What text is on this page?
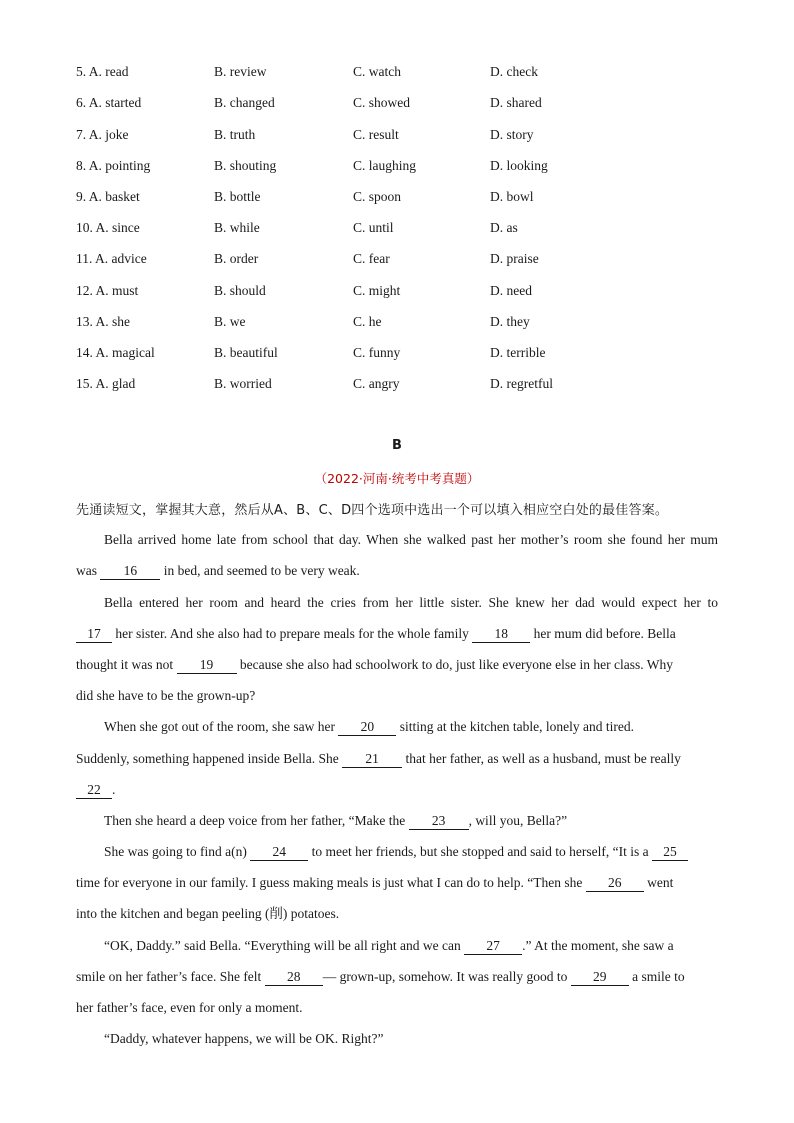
5. A. read	B. review	C. watch	D. check
6. A. started	B. changed	C. showed	D. shared
7. A. joke	B. truth	C. result	D. story
8. A. pointing	B. shouting	C. laughing	D. looking
9. A. basket	B. bottle	C. spoon	D. bowl
10. A. since	B. while	C. until	D. as
11. A. advice	B. order	C. fear	D. praise
12. A. must	B. should	C. might	D. need
13. A. she	B. we	C. he	D. they
14. A. magical	B. beautiful	C. funny	D. terrible
15. A. glad	B. worried	C. angry	D. regretful
B
（2022·河南·统考中考真题）
先通读短文，掌握其大意，然后从A、B、C、D四个选项中选出一个可以填入相应空白处的最佳答案。
Bella arrived home late from school that day. When she walked past her mother’s room she found her mum
was 16 in bed, and seemed to be very weak.
Bella entered her room and heard the cries from her little sister. She knew her dad would expect her to
17 her sister. And she also had to prepare meals for the whole family 18 her mum did before. Bella
thought it was not 19 because she also had schoolwork to do, just like everyone else in her class. Why
did she have to be the grown-up?
When she got out of the room, she saw her 20 sitting at the kitchen table, lonely and tired.
Suddenly, something happened inside Bella. She 21 that her father, as well as a husband, must be really
22 .
Then she heard a deep voice from her father, “Make the 23 , will you, Bella?”
She was going to find a(n) 24 to meet her friends, but she stopped and said to herself, “It is a 25
time for everyone in our family. I guess making meals is just what I can do to help. “Then she 26 went
into the kitchen and began peeling (削) potatoes.
“OK, Daddy.” said Bella. “Everything will be all right and we can 27 .” At the moment, she saw a
smile on her father’s face. She felt 28 — grown-up, somehow. It was really good to 29 a smile to
her father’s face, even for only a moment.
“Daddy, whatever happens, we will be OK. Right?”
